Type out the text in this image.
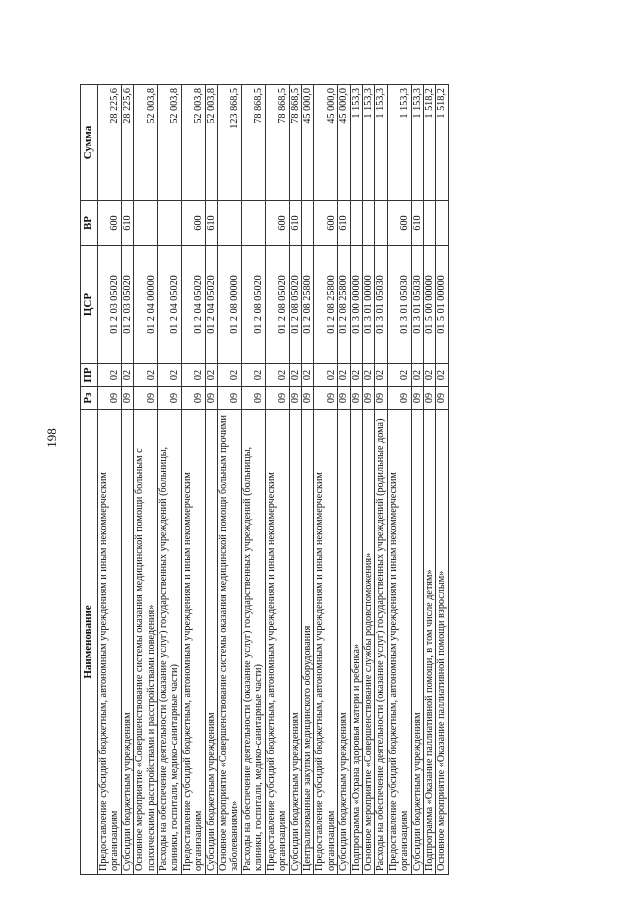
198
Наименование	Рз	ПР	ЦСР	ВР	Сумма
Предоставление субсидий бюджетным, автономным учреждениям и иным некоммерческим организациям	09	02	01 2 03 05020	600	28 225,6
Субсидии бюджетным учреждениям	09	02	01 2 03 05020	610	28 225,6
Основное мероприятие «Совершенствование системы оказания медицинской помощи больным с психическими расстройствами и расстройствами поведения»	09	02	01 2 04 00000		52 003,8
Расходы на обеспечение деятельности (оказание услуг) государственных учреждений (больницы, клиники, госпитали, медико-санитарные части)	09	02	01 2 04 05020		52 003,8
Предоставление субсидий бюджетным, автономным учреждениям и иным некоммерческим организациям	09	02	01 2 04 05020	600	52 003,8
Субсидии бюджетным учреждениям	09	02	01 2 04 05020	610	52 003,8
Основное мероприятие «Совершенствование системы оказания медицинской помощи больным прочими заболеваниями»	09	02	01 2 08 00000		123 868,5
Расходы на обеспечение деятельности (оказание услуг) государственных учреждений (больницы, клиники, госпитали, медико-санитарные части)	09	02	01 2 08 05020		78 868,5
Предоставление субсидий бюджетным, автономным учреждениям и иным некоммерческим организациям	09	02	01 2 08 05020	600	78 868,5
Субсидии бюджетным учреждениям	09	02	01 2 08 05020	610	78 868,5
Централизованные закупки медицинского оборудования	09	02	01 2 08 25800		45 000,0
Предоставление субсидий бюджетным, автономным учреждениям и иным некоммерческим организациям	09	02	01 2 08 25800	600	45 000,0
Субсидии бюджетным учреждениям	09	02	01 2 08 25800	610	45 000,0
Подпрограмма «Охрана здоровья матери и ребенка»	09	02	01 3 00 00000		1 153,3
Основное мероприятие «Совершенствование службы родовспоможения»	09	02	01 3 01 00000		1 153,3
Расходы на обеспечение деятельности (оказание услуг) государственных учреждений (родильные дома)	09	02	01 3 01 05030		1 153,3
Предоставление субсидий бюджетным, автономным учреждениям и иным некоммерческим организациям	09	02	01 3 01 05030	600	1 153,3
Субсидии бюджетным учреждениям	09	02	01 3 01 05030	610	1 153,3
Подпрограмма «Оказание паллиативной помощи, в том числе детям»	09	02	01 5 00 00000		1 518,2
Основное мероприятие «Оказание паллиативной помощи взрослым»	09	02	01 5 01 00000		1 518,2
